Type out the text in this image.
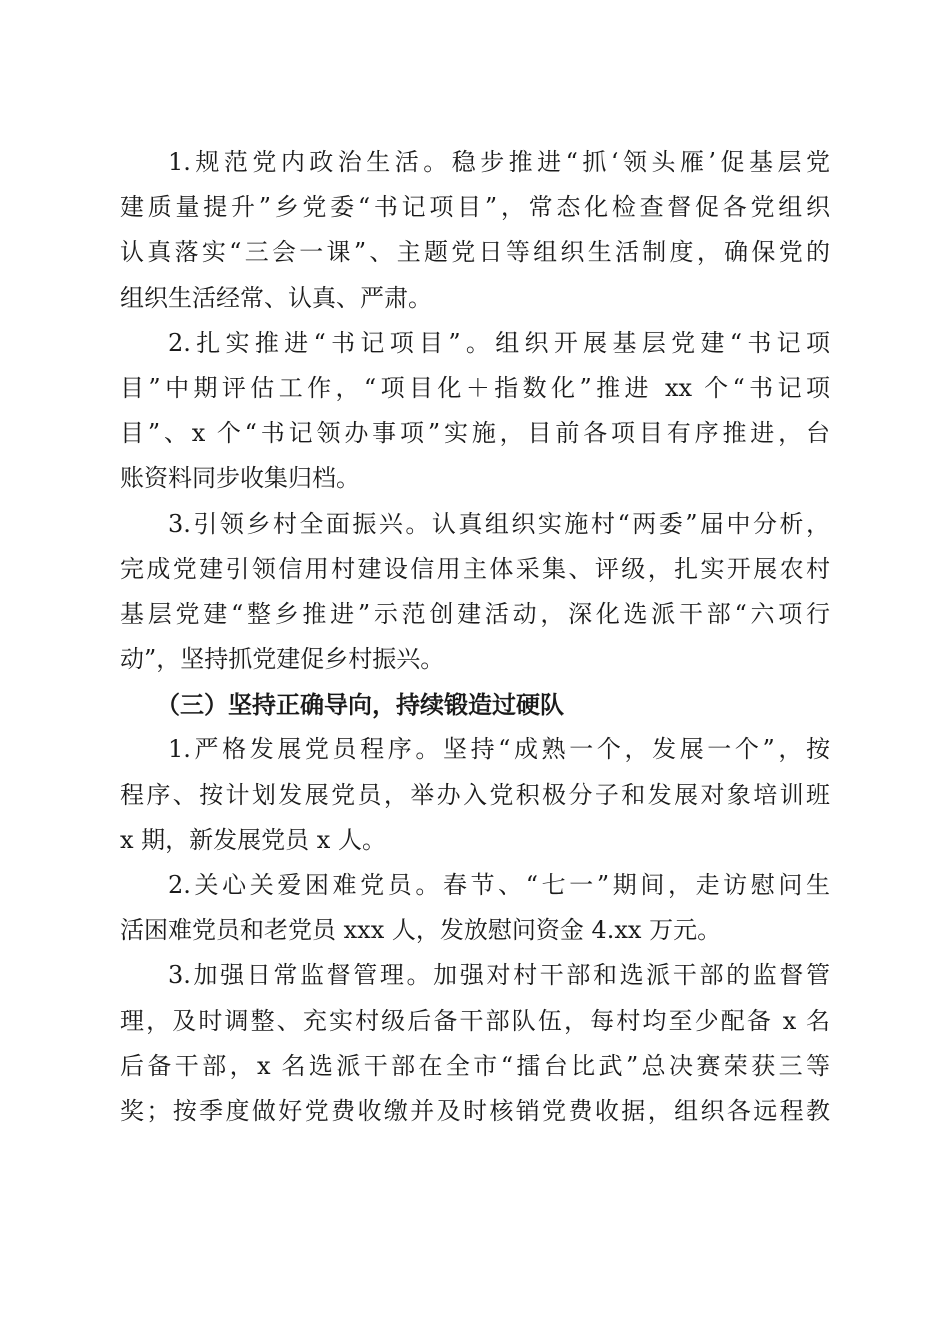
1.规范党内政治生活。稳步推进“抓‘领头雁’促基层党
建质量提升”乡党委“书记项目”，常态化检查督促各党组织
认真落实“三会一课”、主题党日等组织生活制度，确保党的
组织生活经常、认真、严肃。
2.扎实推进“书记项目”。组织开展基层党建“书记项
目”中期评估工作，“项目化＋指数化”推进 xx 个“书记项
目”、x 个“书记领办事项”实施，目前各项目有序推进，台
账资料同步收集归档。
3.引领乡村全面振兴。认真组织实施村“两委”届中分析，
完成党建引领信用村建设信用主体采集、评级，扎实开展农村
基层党建“整乡推进”示范创建活动，深化选派干部“六项行
动”，坚持抓党建促乡村振兴。
（三）坚持正确导向，持续锻造过硬队
1.严格发展党员程序。坚持“成熟一个，发展一个”，按
程序、按计划发展党员，举办入党积极分子和发展对象培训班
x 期，新发展党员 x 人。
2.关心关爱困难党员。春节、“七一”期间，走访慰问生
活困难党员和老党员 xxx 人，发放慰问资金 4.xx 万元。
3.加强日常监督管理。加强对村干部和选派干部的监督管
理，及时调整、充实村级后备干部队伍，每村均至少配备 x 名
后备干部，x 名选派干部在全市“擂台比武”总决赛荣获三等
奖；按季度做好党费收缴并及时核销党费收据，组织各远程教
